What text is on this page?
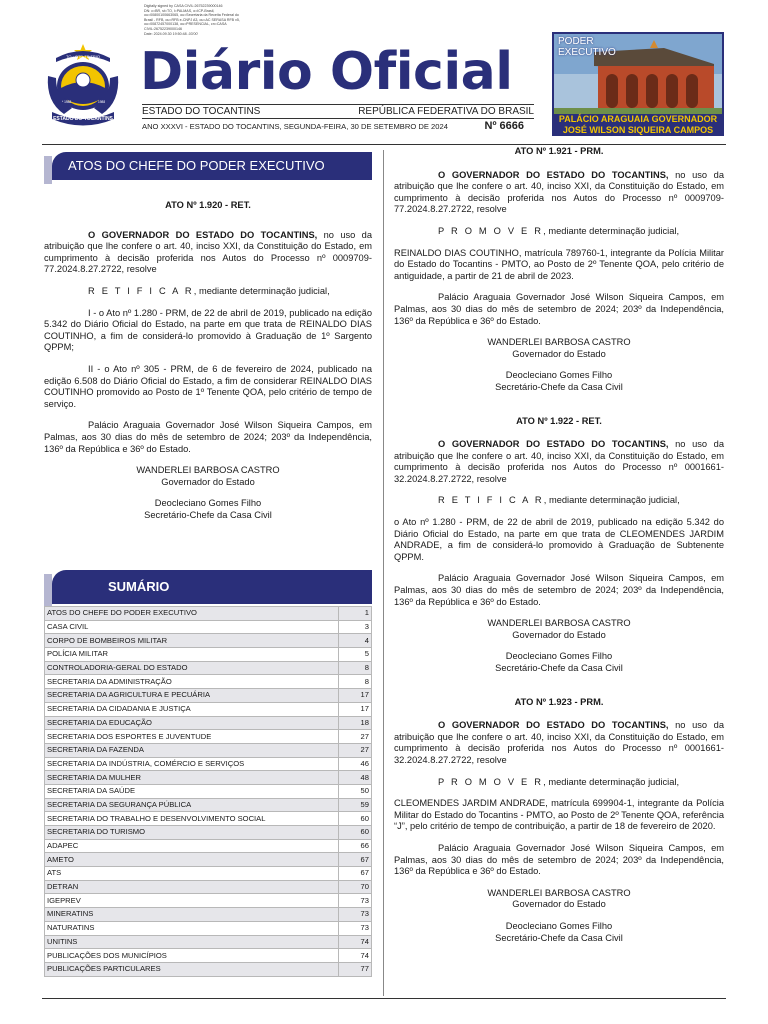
Digitally signed by CASA CIVIL:26752239000146
DN: c=BR, st=TO, l=PALMAS, o=ICP-Brasil,
ou=00800100663065, ou=Secretaria da Receita Federal do
Brasil - RFB, ou=RFB e-CNPJ A3, ou=AC SERASA RFB v5,
ou=00872457000138, ou=PRESENCIAL, cn=CASA
CIVIL:26752239000146
Date: 2024.09.30 19:50:48 -03'00'
TO • CTD TE TRIO
* 1988	1988
ESTADO DO TOCANTINS
Diário Oficial
ESTADO DO TOCANTINS	REPÚBLICA FEDERATIVA DO BRASIL
ANO XXXVI - ESTADO DO TOCANTINS, SEGUNDA-FEIRA, 30 DE SETEMBRO DE 2024	Nº 6666
PODER EXECUTIVO
PALÁCIO ARAGUAIA GOVERNADOR
JOSÉ WILSON SIQUEIRA CAMPOS
ATOS DO CHEFE DO PODER EXECUTIVO

ATO Nº 1.920 - RET.

O GOVERNADOR DO ESTADO DO TOCANTINS, no uso da atribuição que lhe confere o art. 40, inciso XXI, da Constituição do Estado, em cumprimento à decisão proferida nos Autos do Processo nº 0009709-77.2024.8.27.2722, resolve

R E T I F I C A R, mediante determinação judicial,

I - o Ato nº 1.280 - PRM, de 22 de abril de 2019, publicado na edição 5.342 do Diário Oficial do Estado, na parte em que trata de REINALDO DIAS COUTINHO, a fim de considerá-lo promovido à Graduação de 1º Sargento QPPM;

II - o Ato nº 305 - PRM, de 6 de fevereiro de 2024, publicado na edição 6.508 do Diário Oficial do Estado, a fim de considerar REINALDO DIAS COUTINHO promovido ao Posto de 1º Tenente QOA, pelo critério de tempo de serviço.

Palácio Araguaia Governador José Wilson Siqueira Campos, em Palmas, aos 30 dias do mês de setembro de 2024; 203º da Independência, 136º da República e 36º do Estado.

WANDERLEI BARBOSA CASTRO

Governador do Estado

Deocleciano Gomes Filho

Secretário-Chefe da Casa Civil

SUMÁRIO
ATOS DO CHEFE DO PODER EXECUTIVO	1
CASA CIVIL	3
CORPO DE BOMBEIROS MILITAR	4
POLÍCIA MILITAR	5
CONTROLADORIA-GERAL DO ESTADO	8
SECRETARIA DA ADMINISTRAÇÃO	8
SECRETARIA DA AGRICULTURA E PECUÁRIA	17
SECRETARIA DA CIDADANIA E JUSTIÇA	17
SECRETARIA DA EDUCAÇÃO	18
SECRETARIA DOS ESPORTES E JUVENTUDE	27
SECRETARIA DA FAZENDA	27
SECRETARIA DA INDÚSTRIA, COMÉRCIO E SERVIÇOS	46
SECRETARIA DA MULHER	48
SECRETARIA DA SAÚDE	50
SECRETARIA DA SEGURANÇA PÚBLICA	59
SECRETARIA DO TRABALHO E DESENVOLVIMENTO SOCIAL	60
SECRETARIA DO TURISMO	60
ADAPEC	66
AMETO	67
ATS	67
DETRAN	70
IGEPREV	73
MINERATINS	73
NATURATINS	73
UNITINS	74
PUBLICAÇÕES DOS MUNICÍPIOS	74
PUBLICAÇÕES PARTICULARES	77

ATO Nº 1.921 - PRM.

O GOVERNADOR DO ESTADO DO TOCANTINS, no uso da atribuição que lhe confere o art. 40, inciso XXI, da Constituição do Estado, em cumprimento à decisão proferida nos Autos do Processo nº 0009709-77.2024.8.27.2722, resolve

P R O M O V E R, mediante determinação judicial,

REINALDO DIAS COUTINHO, matrícula 789760-1, integrante da Polícia Militar do Estado do Tocantins - PMTO, ao Posto de 2º Tenente QOA, pelo critério de antiguidade, a partir de 21 de abril de 2023.

Palácio Araguaia Governador José Wilson Siqueira Campos, em Palmas, aos 30 dias do mês de setembro de 2024; 203º da Independência, 136º da República e 36º do Estado.

WANDERLEI BARBOSA CASTRO

Governador do Estado

Deocleciano Gomes Filho

Secretário-Chefe da Casa Civil

ATO Nº 1.922 - RET.

O GOVERNADOR DO ESTADO DO TOCANTINS, no uso da atribuição que lhe confere o art. 40, inciso XXI, da Constituição do Estado, em cumprimento à decisão proferida nos Autos do Processo nº 0001661-32.2024.8.27.2722, resolve

R E T I F I C A R, mediante determinação judicial,

o Ato nº 1.280 - PRM, de 22 de abril de 2019, publicado na edição 5.342 do Diário Oficial do Estado, na parte em que trata de CLEOMENDES JARDIM ANDRADE, a fim de considerá-lo promovido à Graduação de Subtenente QPPM.

Palácio Araguaia Governador José Wilson Siqueira Campos, em Palmas, aos 30 dias do mês de setembro de 2024; 203º da Independência, 136º da República e 36º do Estado.

WANDERLEI BARBOSA CASTRO

Governador do Estado

Deocleciano Gomes Filho

Secretário-Chefe da Casa Civil

ATO Nº 1.923 - PRM.

O GOVERNADOR DO ESTADO DO TOCANTINS, no uso da atribuição que lhe confere o art. 40, inciso XXI, da Constituição do Estado, em cumprimento à decisão proferida nos Autos do Processo nº 0001661-32.2024.8.27.2722, resolve

P R O M O V E R, mediante determinação judicial,

CLEOMENDES JARDIM ANDRADE, matrícula 699904-1, integrante da Polícia Militar do Estado do Tocantins - PMTO, ao Posto de 2º Tenente QOA, referência “J”, pelo critério de tempo de contribuição, a partir de 18 de fevereiro de 2020.

Palácio Araguaia Governador José Wilson Siqueira Campos, em Palmas, aos 30 dias do mês de setembro de 2024; 203º da Independência, 136º da República e 36º do Estado.

WANDERLEI BARBOSA CASTRO

Governador do Estado

Deocleciano Gomes Filho

Secretário-Chefe da Casa Civil
